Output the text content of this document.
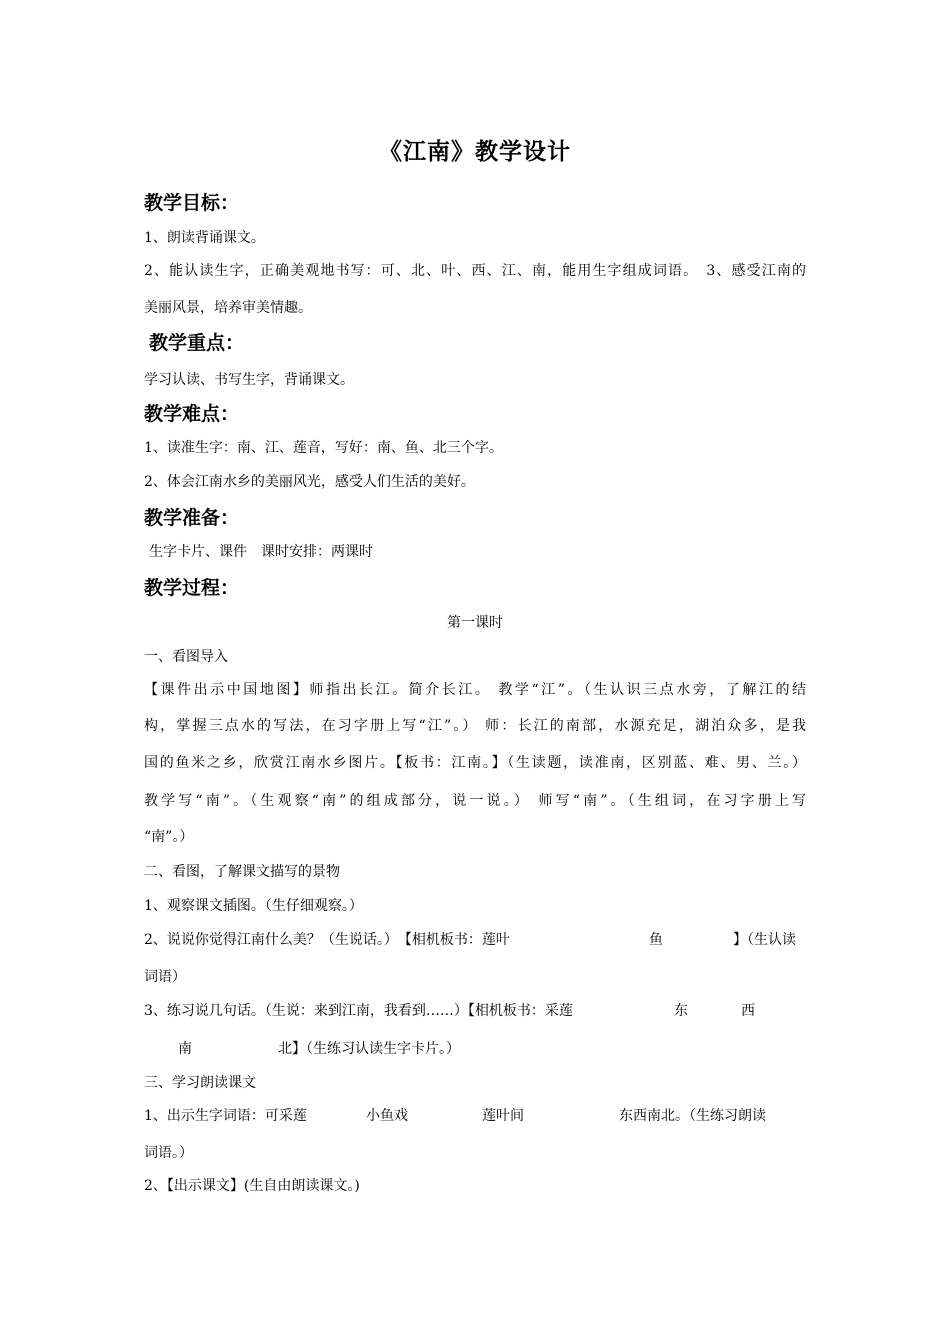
《江南》教学设计
教学目标：
1、朗读背诵课文。
2、能认读生字，正确美观地书写：可、北、叶、西、江、南，能用生字组成词语。　3、感受江南的
美丽风景，培养审美情趣。
教学重点：
学习认读、书写生字，背诵课文。
教学难点：
1、读准生字：南、江、莲音，写好：南、鱼、北三个字。
2、体会江南水乡的美丽风光，感受人们生活的美好。
教学准备：
生字卡片、课件　课时安排：两课时
教学过程：
第一课时
一、看图导入
【课件出示中国地图】师指出长江。简介长江。 教学“江”。（生认识三点水旁，了解江的结
构，掌握三点水的写法，在习字册上写“江”。） 师：长江的南部，水源充足，湖泊众多，是我
国的鱼米之乡，欣赏江南水乡图片。【板书：江南。】（生读题，读准南，区别蓝、难、男、兰。）
教学写“南”。（生观察“南”的组成部分，说一说。） 师写“南”。（生组词，在习字册上写
“南”。）
二、看图，了解课文描写的景物
1、观察课文插图。（生仔细观察。）
2、说说你觉得江南什么美？（生说话。）　【相机板书：莲叶	鱼	】（生认读
词语）
3、练习说几句话。（生说：来到江南，我看到……）【相机板书：采莲	东	西
南	北】（生练习认读生字卡片。）
三、学习朗读课文
1、出示生字词语：可采莲	小鱼戏	莲叶间	东西南北。（生练习朗读
词语。）
2、【出示课文】(生自由朗读课文。)
